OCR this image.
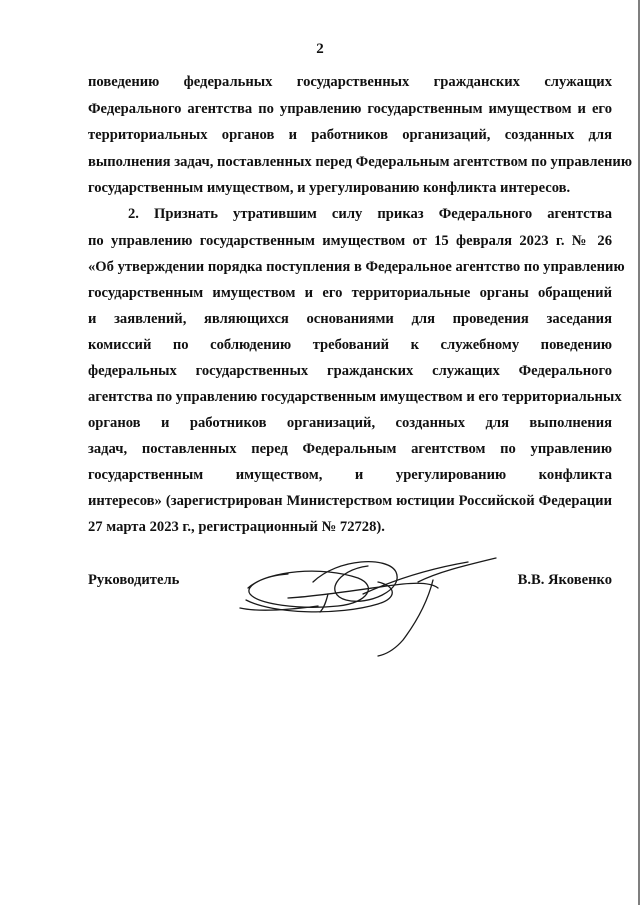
2
поведению федеральных государственных гражданских служащих
Федерального агентства по управлению государственным имуществом и его
территориальных органов и работников организаций, созданных для
выполнения задач, поставленных перед Федеральным агентством по управлению
государственным имуществом, и урегулированию конфликта интересов.
2. Признать утратившим силу приказ Федерального агентства
по управлению государственным имуществом от 15 февраля 2023 г. № 26
«Об утверждении порядка поступления в Федеральное агентство по управлению
государственным имуществом и его территориальные органы обращений
и заявлений, являющихся основаниями для проведения заседания
комиссий по соблюдению требований к служебному поведению
федеральных государственных гражданских служащих Федерального
агентства по управлению государственным имуществом и его территориальных
органов и работников организаций, созданных для выполнения
задач, поставленных перед Федеральным агентством по управлению
государственным имуществом, и урегулированию конфликта
интересов» (зарегистрирован Министерством юстиции Российской Федерации
27 марта 2023 г., регистрационный № 72728).
Руководитель	В.В. Яковенко
